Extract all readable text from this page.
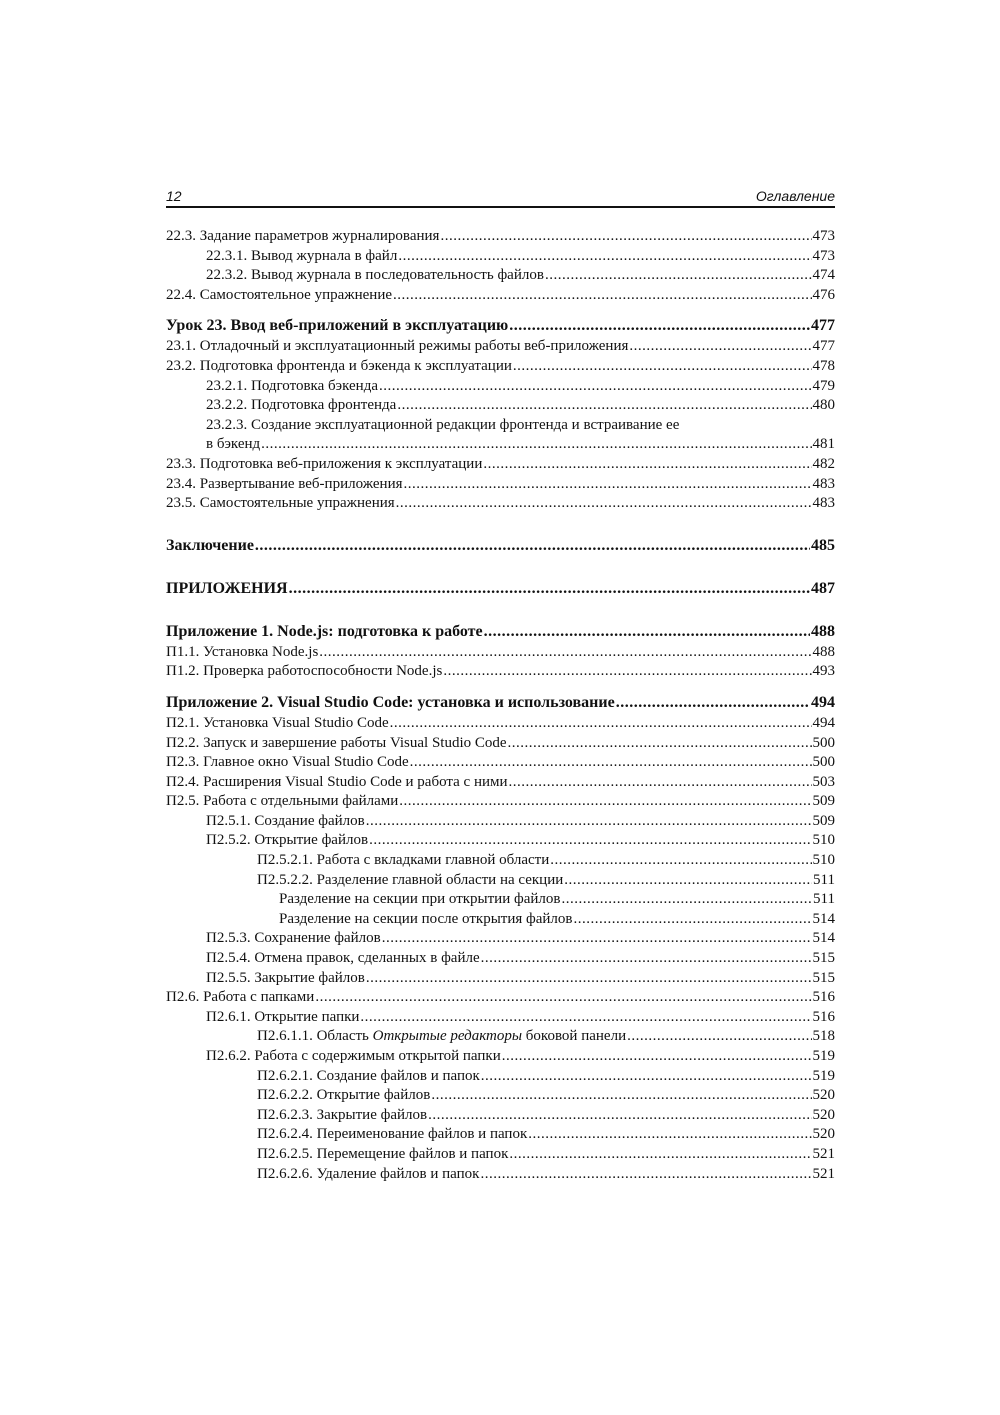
12	Оглавление
22.3. Задание параметров журналирования .....	473
22.3.1. Вывод журнала в файл .....	473
22.3.2. Вывод журнала в последовательность файлов .....	474
22.4. Самостоятельное упражнение .....	476
Урок 23. Ввод веб-приложений в эксплуатацию .....	477
23.1. Отладочный и эксплуатационный режимы работы веб-приложения .....	477
23.2. Подготовка фронтенда и бэкенда к эксплуатации .....	478
23.2.1. Подготовка бэкенда .....	479
23.2.2. Подготовка фронтенда .....	480
23.2.3. Создание эксплуатационной редакции фронтенда и встраивание ее
в бэкенд .....	481
23.3. Подготовка веб-приложения к эксплуатации .....	482
23.4. Развертывание веб-приложения .....	483
23.5. Самостоятельные упражнения .....	483
Заключение .....	485
ПРИЛОЖЕНИЯ .....	487
Приложение 1. Node.js: подготовка к работе .....	488
П1.1. Установка Node.js .....	488
П1.2. Проверка работоспособности Node.js .....	493
Приложение 2. Visual Studio Code: установка и использование .....	494
П2.1. Установка Visual Studio Code .....	494
П2.2. Запуск и завершение работы Visual Studio Code .....	500
П2.3. Главное окно Visual Studio Code .....	500
П2.4. Расширения Visual Studio Code и работа с ними .....	503
П2.5. Работа с отдельными файлами .....	509
П2.5.1. Создание файлов .....	509
П2.5.2. Открытие файлов .....	510
П2.5.2.1. Работа с вкладками главной области .....	510
П2.5.2.2. Разделение главной области на секции .....	511
Разделение на секции при открытии файлов .....	511
Разделение на секции после открытия файлов .....	514
П2.5.3. Сохранение файлов .....	514
П2.5.4. Отмена правок, сделанных в файле .....	515
П2.5.5. Закрытие файлов .....	515
П2.6. Работа с папками .....	516
П2.6.1. Открытие папки .....	516
П2.6.1.1. Область Открытые редакторы боковой панели .....	518
П2.6.2. Работа с содержимым открытой папки .....	519
П2.6.2.1. Создание файлов и папок .....	519
П2.6.2.2. Открытие файлов .....	520
П2.6.2.3. Закрытие файлов .....	520
П2.6.2.4. Переименование файлов и папок .....	520
П2.6.2.5. Перемещение файлов и папок .....	521
П2.6.2.6. Удаление файлов и папок .....	521
